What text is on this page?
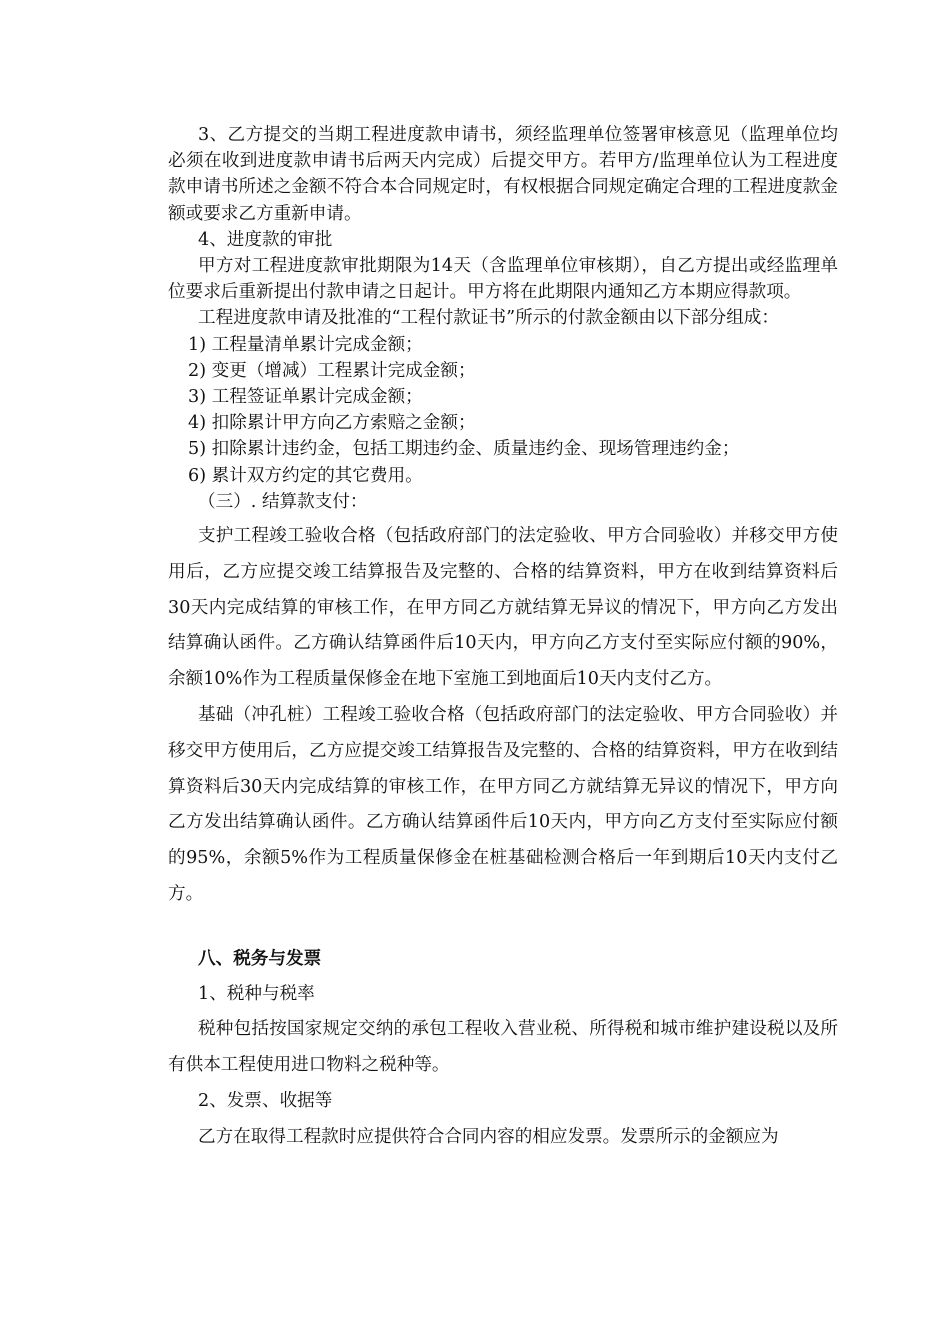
3、乙方提交的当期工程进度款申请书，须经监理单位签署审核意见（监理单位均必须在收到进度款申请书后两天内完成）后提交甲方。若甲方/监理单位认为工程进度款申请书所述之金额不符合本合同规定时，有权根据合同规定确定合理的工程进度款金额或要求乙方重新申请。

4、进度款的审批

甲方对工程进度款审批期限为14天（含监理单位审核期），自乙方提出或经监理单位要求后重新提出付款申请之日起计。甲方将在此期限内通知乙方本期应得款项。

工程进度款申请及批准的“工程付款证书”所示的付款金额由以下部分组成：

1) 工程量清单累计完成金额；

2) 变更（增减）工程累计完成金额；

3) 工程签证单累计完成金额；

4) 扣除累计甲方向乙方索赔之金额；

5) 扣除累计违约金，包括工期违约金、质量违约金、现场管理违约金；

6) 累计双方约定的其它费用。

（三）. 结算款支付：

支护工程竣工验收合格（包括政府部门的法定验收、甲方合同验收）并移交甲方使用后，乙方应提交竣工结算报告及完整的、合格的结算资料，甲方在收到结算资料后30天内完成结算的审核工作，在甲方同乙方就结算无异议的情况下，甲方向乙方发出结算确认函件。乙方确认结算函件后10天内，甲方向乙方支付至实际应付额的90%，余额10%作为工程质量保修金在地下室施工到地面后10天内支付乙方。

基础（冲孔桩）工程竣工验收合格（包括政府部门的法定验收、甲方合同验收）并移交甲方使用后，乙方应提交竣工结算报告及完整的、合格的结算资料，甲方在收到结算资料后30天内完成结算的审核工作，在甲方同乙方就结算无异议的情况下，甲方向乙方发出结算确认函件。乙方确认结算函件后10天内，甲方向乙方支付至实际应付额的95%，余额5%作为工程质量保修金在桩基础检测合格后一年到期后10天内支付乙方。

八、税务与发票

1、税种与税率

税种包括按国家规定交纳的承包工程收入营业税、所得税和城市维护建设税以及所有供本工程使用进口物料之税种等。

2、发票、收据等

乙方在取得工程款时应提供符合合同内容的相应发票。发票所示的金额应为
